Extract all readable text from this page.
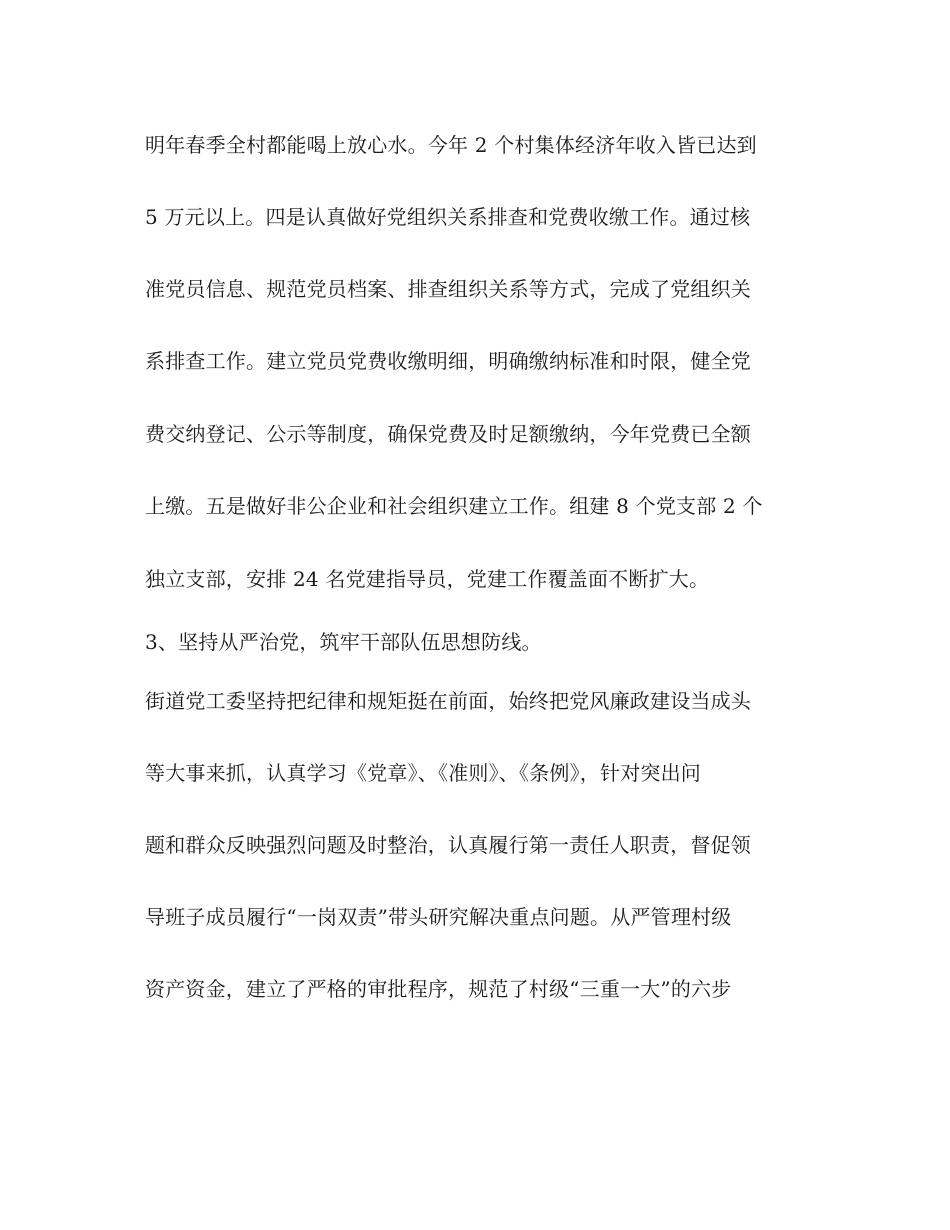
明年春季全村都能喝上放心水。今年 2 个村集体经济年收入皆已达到
5 万元以上。四是认真做好党组织关系排查和党费收缴工作。通过核
准党员信息、规范党员档案、排查组织关系等方式，完成了党组织关
系排查工作。建立党员党费收缴明细，明确缴纳标准和时限，健全党
费交纳登记、公示等制度，确保党费及时足额缴纳，今年党费已全额
上缴。五是做好非公企业和社会组织建立工作。组建 8 个党支部 2 个
独立支部，安排 24 名党建指导员，党建工作覆盖面不断扩大。
3、坚持从严治党，筑牢干部队伍思想防线。
街道党工委坚持把纪律和规矩挺在前面，始终把党风廉政建设当成头
等大事来抓，认真学习《党章》、《准则》、《条例》，针对突出问
题和群众反映强烈问题及时整治，认真履行第一责任人职责，督促领
导班子成员履行“一岗双责”带头研究解决重点问题。从严管理村级
资产资金，建立了严格的审批程序，规范了村级“三重一大”的六步
